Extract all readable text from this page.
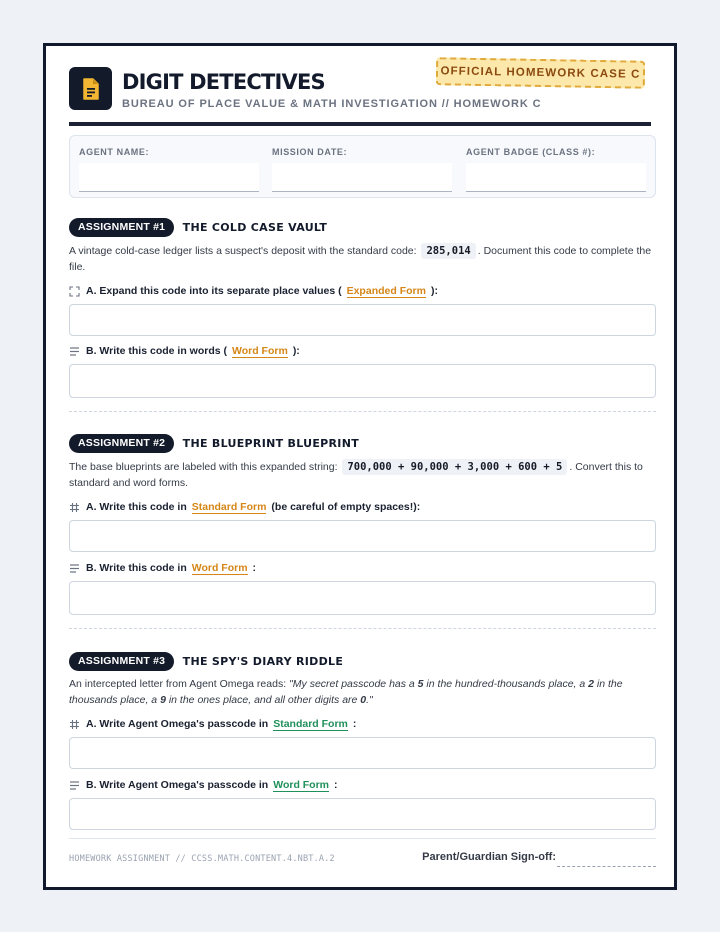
DIGIT DETECTIVES
BUREAU OF PLACE VALUE & MATH INVESTIGATION // HOMEWORK C
OFFICIAL HOMEWORK CASE C
AGENT NAME:	MISSION DATE:	AGENT BADGE (CLASS #):
ASSIGNMENT #1 THE COLD CASE VAULT
A vintage cold-case ledger lists a suspect's deposit with the standard code: 285,014 . Document this code to complete the file.
A. Expand this code into its separate place values ( Expanded Form ):
B. Write this code in words ( Word Form ):
ASSIGNMENT #2 THE BLUEPRINT BLUEPRINT
The base blueprints are labeled with this expanded string: 700,000 + 90,000 + 3,000 + 600 + 5 . Convert this to standard and word forms.
A. Write this code in Standard Form (be careful of empty spaces!):
B. Write this code in Word Form :
ASSIGNMENT #3 THE SPY'S DIARY RIDDLE
An intercepted letter from Agent Omega reads: "My secret passcode has a 5 in the hundred-thousands place, a 2 in the thousands place, a 9 in the ones place, and all other digits are 0."
A. Write Agent Omega's passcode in Standard Form :
B. Write Agent Omega's passcode in Word Form :
HOMEWORK ASSIGNMENT // CCSS.MATH.CONTENT.4.NBT.A.2	Parent/Guardian Sign-off:
